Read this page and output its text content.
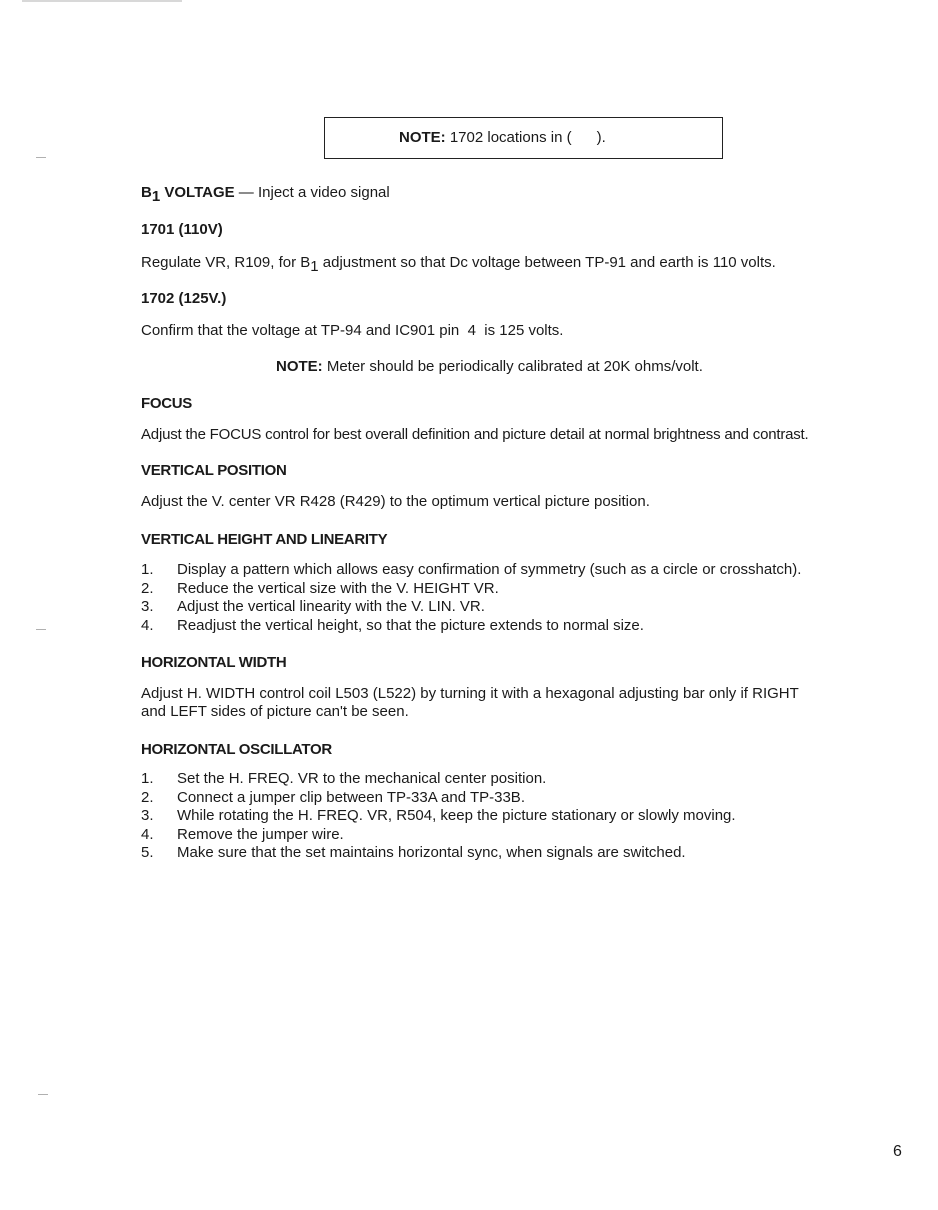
NOTE: 1702 locations in (      ).
$B_1$ VOLTAGE — Inject a video signal
1701 (110V)
Regulate VR, R109, for $B_1$ adjustment so that Dc voltage between TP-91 and earth is 110 volts.
1702 (125V.)
Confirm that the voltage at TP-94 and IC901 pin  4  is 125 volts.
NOTE: Meter should be periodically calibrated at 20K ohms/volt.
FOCUS
Adjust the FOCUS control for best overall definition and picture detail at normal brightness and contrast.
VERTICAL POSITION
Adjust the V. center VR R428 (R429) to the optimum vertical picture position.
VERTICAL HEIGHT AND LINEARITY
1. Display a pattern which allows easy confirmation of symmetry (such as a circle or crosshatch).
2. Reduce the vertical size with the V. HEIGHT VR.
3. Adjust the vertical linearity with the V. LIN. VR.
4. Readjust the vertical height, so that the picture extends to normal size.
HORIZONTAL WIDTH
Adjust H. WIDTH control coil L503 (L522) by turning it with a hexagonal adjusting bar only if RIGHT
and LEFT sides of picture can't be seen.
HORIZONTAL OSCILLATOR
1. Set the H. FREQ. VR to the mechanical center position.
2. Connect a jumper clip between TP-33A and TP-33B.
3. While rotating the H. FREQ. VR, R504, keep the picture stationary or slowly moving.
4. Remove the jumper wire.
5. Make sure that the set maintains horizontal sync, when signals are switched.
6
